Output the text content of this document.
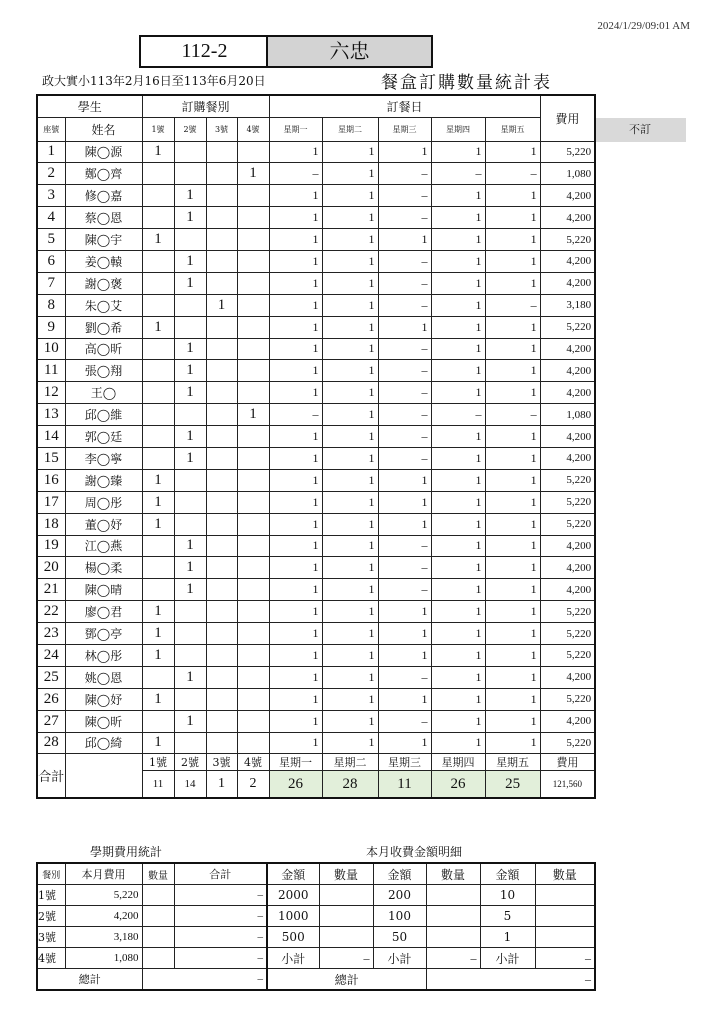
2024/1/29/09:01 AM
112-2	六忠
政大實小113年2月16日至113年6月20日	餐盒訂購數量統計表
不訂
學生		訂購餐別				訂餐日					費用
座號	姓名	1號	2號	3號	4號	星期一	星期二	星期三	星期四	星期五	
1	陳◯源	1				1	1	1	1	1	5,220
2	鄭◯齊				1	–	1	–	–	–	1,080
3	修◯嘉		1			1	1	–	1	1	4,200
4	蔡◯恩		1			1	1	–	1	1	4,200
5	陳◯宇	1				1	1	1	1	1	5,220
6	姜◯轅		1			1	1	–	1	1	4,200
7	謝◯褒		1			1	1	–	1	1	4,200
8	朱◯艾			1		1	1	–	1	–	3,180
9	劉◯希	1				1	1	1	1	1	5,220
10	高◯昕		1			1	1	–	1	1	4,200
11	張◯翔		1			1	1	–	1	1	4,200
12	王◯		1			1	1	–	1	1	4,200
13	邱◯維				1	–	1	–	–	–	1,080
14	郭◯廷		1			1	1	–	1	1	4,200
15	李◯寧		1			1	1	–	1	1	4,200
16	謝◯臻	1				1	1	1	1	1	5,220
17	周◯彤	1				1	1	1	1	1	5,220
18	董◯妤	1				1	1	1	1	1	5,220
19	江◯燕		1			1	1	–	1	1	4,200
20	楊◯柔		1			1	1	–	1	1	4,200
21	陳◯晴		1			1	1	–	1	1	4,200
22	廖◯君	1				1	1	1	1	1	5,220
23	鄧◯亭	1				1	1	1	1	1	5,220
24	林◯彤	1				1	1	1	1	1	5,220
25	姚◯恩		1			1	1	–	1	1	4,200
26	陳◯妤	1				1	1	1	1	1	5,220
27	陳◯昕		1			1	1	–	1	1	4,200
28	邱◯綺	1				1	1	1	1	1	5,220
合計		1號	2號	3號	4號	星期一	星期二	星期三	星期四	星期五	費用
		11	14	1	2	26	28	11	26	25	121,560
學期費用統計	本月收費金額明細
餐別	本月費用	數量	合計
1號	5,220		–
2號	4,200		–
3號	3,180		–
4號	1,080		–
總計		–	
金額	數量	金額	數量	金額	數量
2000		200		10	
1000		100		5	
500		50		1	
小計	–	小計	–	小計	–
總計			–		
